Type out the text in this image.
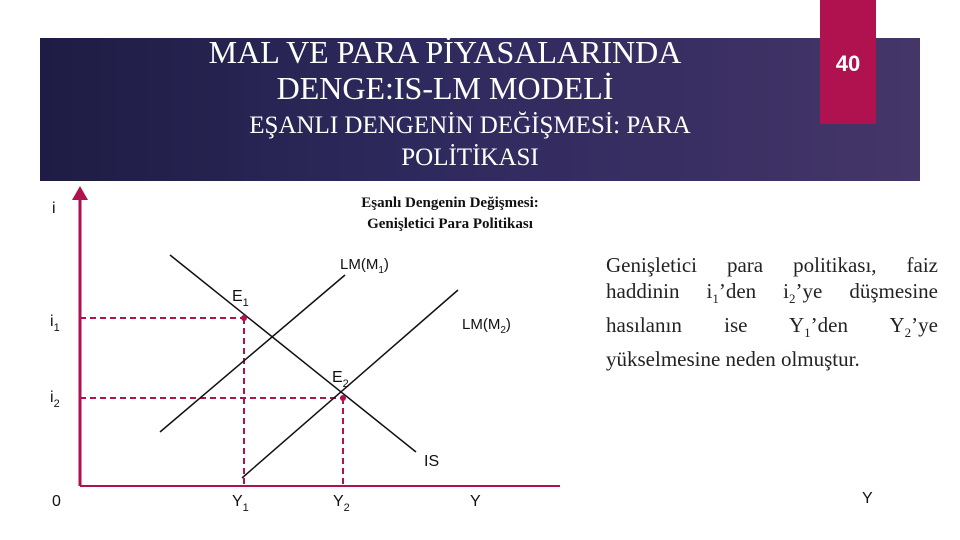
MAL VE PARA PİYASALARINDA
DENGE:IS-LM MODELİ
EŞANLI DENGENİN DEĞİŞMESİ: PARA
POLİTİKASI
40
Eşanlı Dengenin Değişmesi:
Genişletici Para Politikası
i
0	Y
$i_1$
$i_2$
$Y_1$	$Y_2$
$LM(M_1)$
$LM(M_2)$
IS
$E_1$
$E_2$
Genişletici para politikası, faiz haddinin $i_1’den$ $i_2’ye$ düşmesine hasılanın ise $Y_1’den$ $Y_2’ye$ yükselmesine neden olmuştur.
Y
